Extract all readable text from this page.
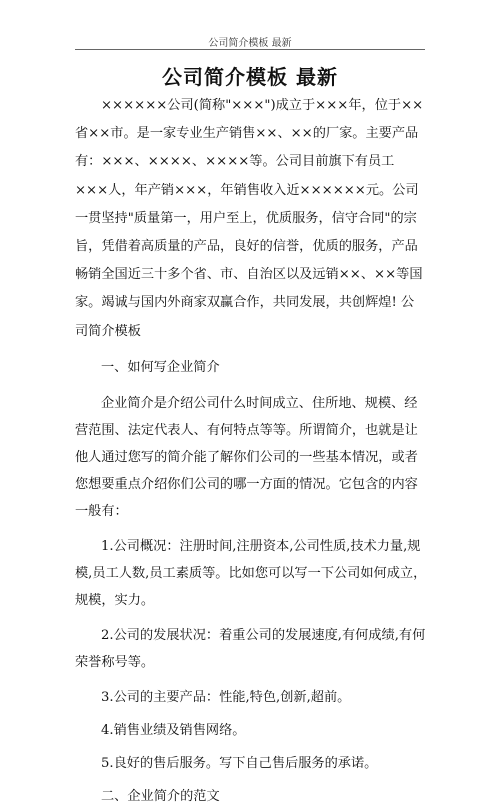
公司简介模板 最新
公司简介模板 最新

××××××公司(简称"×××")成立于×××年，位于××省××市。是一家专业生产销售××、××的厂家。主要产品有：×××、××××、××××等。公司目前旗下有员工×××人，年产销×××，年销售收入近××××××元。公司一贯坚持"质量第一，用户至上，优质服务，信守合同"的宗旨，凭借着高质量的产品，良好的信誉，优质的服务，产品畅销全国近三十多个省、市、自治区以及远销××、××等国家。竭诚与国内外商家双赢合作，共同发展，共创辉煌! 公司简介模板

一、如何写企业简介

企业简介是介绍公司什么时间成立、住所地、规模、经营范围、法定代表人、有何特点等等。所谓简介，也就是让他人通过您写的简介能了解你们公司的一些基本情况，或者您想要重点介绍你们公司的哪一方面的情况。它包含的内容一般有：

1.公司概况：注册时间,注册资本,公司性质,技术力量,规模,员工人数,员工素质等。比如您可以写一下公司如何成立，规模，实力。

2.公司的发展状况：着重公司的发展速度,有何成绩,有何荣誉称号等。

3.公司的主要产品：性能,特色,创新,超前。

4.销售业绩及销售网络。

5.良好的售后服务。写下自己售后服务的承诺。

二、企业简介的范文
